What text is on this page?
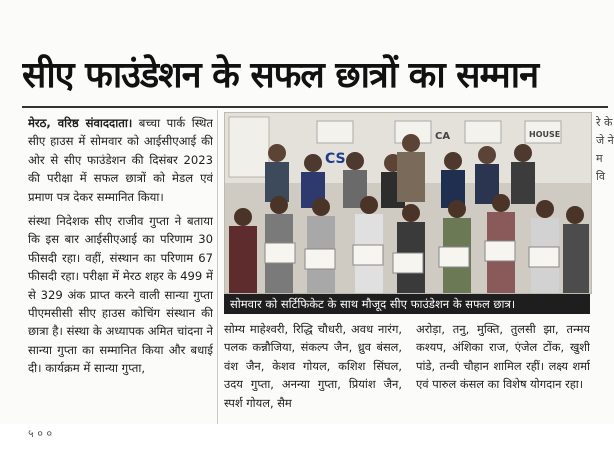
सीए फाउंडेशन के सफल छात्रों का सम्मान

मेरठ, वरिष्ठ संवाददाता। बच्चा पार्क स्थित सीए हाउस में सोमवार को आईसीएआई की ओर से सीए फाउंडेशन की दिसंबर 2023 की परीक्षा में सफल छात्रों को मेडल एवं प्रमाण पत्र देकर सम्मानित किया।

संस्था निदेशक सीए राजीव गुप्ता ने बताया कि इस बार आईसीएआई का परिणाम 30 फीसदी रहा। वहीं, संस्थान का परिणाम 67 फीसदी रहा। परीक्षा में मेरठ शहर के 499 में से 329 अंक प्राप्त करने वाली सान्या गुप्ता पीएमसीसी सीए हाउस कोचिंग संस्थान की छात्रा है। संस्था के अध्यापक अमित चांदना ने सान्या गुप्ता का सम्मानित किया और बधाई दी। कार्यक्रम में सान्या गुप्ता,

CS
CA	HOUSE
सोमवार को सर्टिफिकेट के साथ मौजूद सीए फाउंडेशन के सफल छात्र।

सोम्य माहेश्वरी, रिद्धि चौधरी, अवध नारंग, पलक कन्नौजिया, संकल्प जैन, ध्रुव बंसल, वंश जैन, केशव गोयल, कशिश सिंघल, उदय गुप्ता, अनन्या गुप्ता, प्रियांश जैन, स्पर्श गोयल, सैम

अरोड़ा, तनु, मुक्ति, तुलसी झा, तन्मय कश्यप, अंशिका राज, एंजेल टोंक, खुशी पांडे, तन्वी चौहान शामिल रहीं। लक्ष्य शर्मा एवं पारुल कंसल का विशेष योगदान रहा।

रे के जे ने म वि
५ ० ०
